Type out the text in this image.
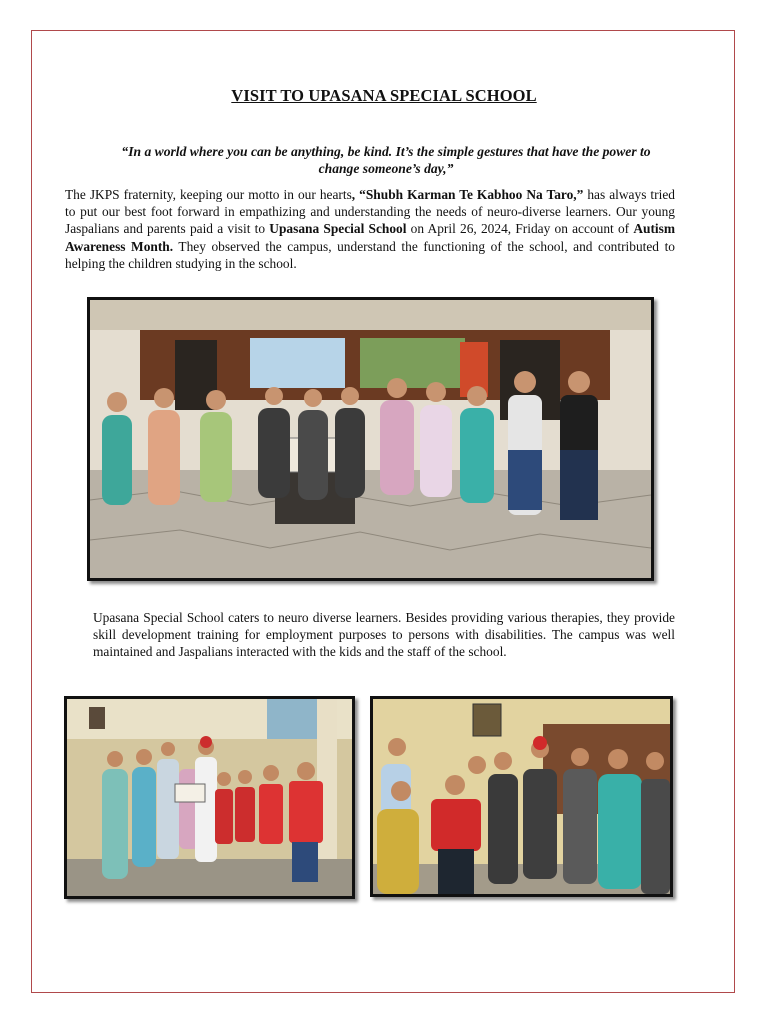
VISIT TO UPASANA SPECIAL SCHOOL
“In a world where you can be anything, be kind. It’s the simple gestures that have the power to change someone’s day,”
The JKPS fraternity, keeping our motto in our hearts, “Shubh Karman Te Kabhoo Na Taro,” has always tried to put our best foot forward in empathizing and understanding the needs of neuro-diverse learners. Our young Jaspalians and parents paid a visit to Upasana Special School on April 26, 2024, Friday on account of Autism Awareness Month. They observed the campus, understand the functioning of the school, and contributed to helping the children studying in the school.
Upasana Special School caters to neuro diverse learners. Besides providing various therapies, they provide skill development training for employment purposes to persons with disabilities. The campus was well maintained and Jaspalians interacted with the kids and the staff of the school.
